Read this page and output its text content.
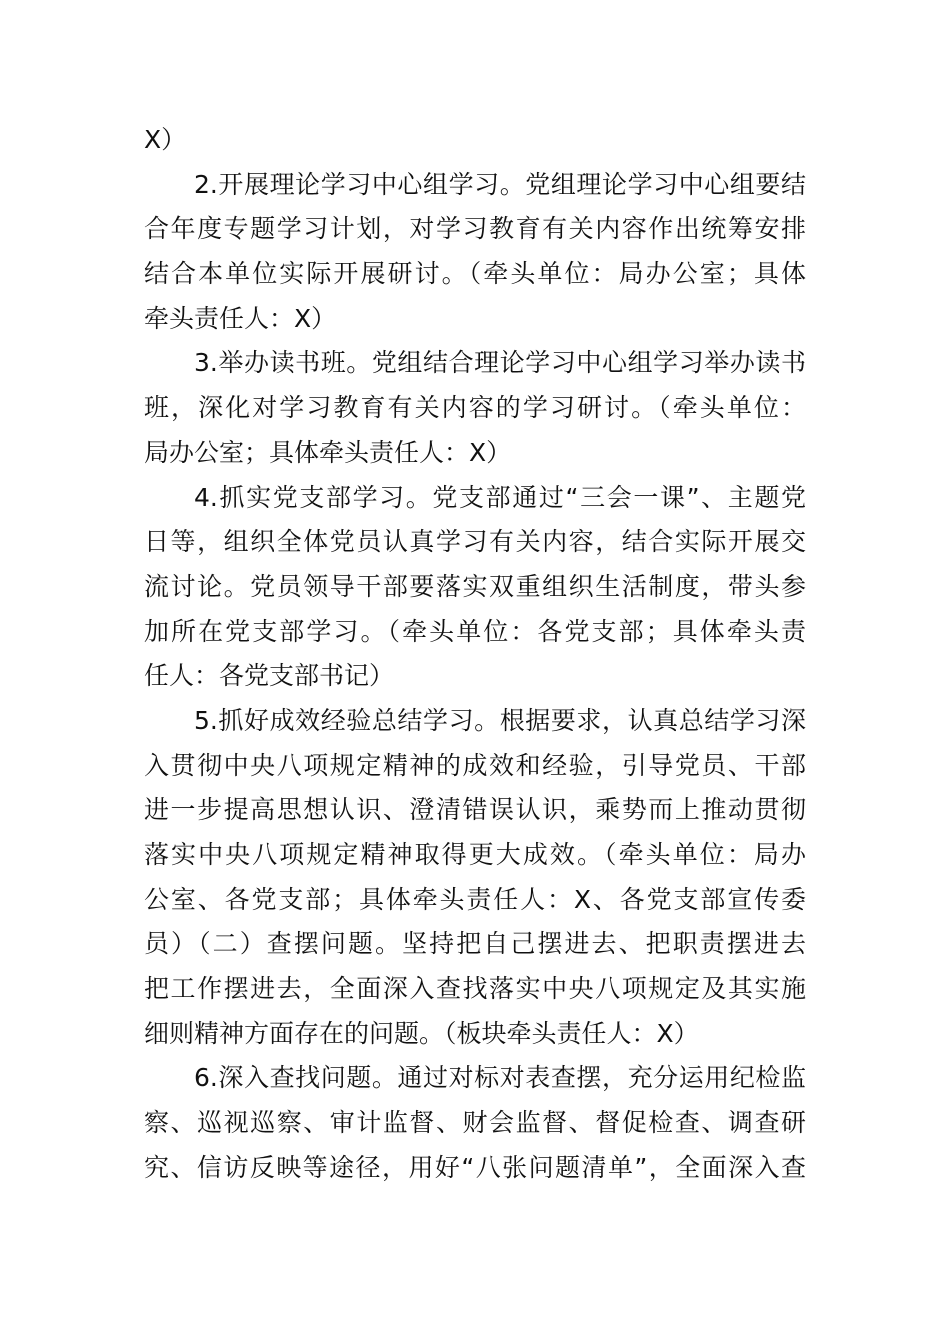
X）
2.开展理论学习中心组学习。党组理论学习中心组要结
合年度专题学习计划，对学习教育有关内容作出统筹安排
结合本单位实际开展研讨。（牵头单位：局办公室；具体
牵头责任人：X）
3.举办读书班。党组结合理论学习中心组学习举办读书
班，深化对学习教育有关内容的学习研讨。（牵头单位：
局办公室；具体牵头责任人：X）
4.抓实党支部学习。党支部通过“三会一课”、主题党
日等，组织全体党员认真学习有关内容，结合实际开展交
流讨论。党员领导干部要落实双重组织生活制度，带头参
加所在党支部学习。（牵头单位：各党支部；具体牵头责
任人：各党支部书记）
5.抓好成效经验总结学习。根据要求，认真总结学习深
入贯彻中央八项规定精神的成效和经验，引导党员、干部
进一步提高思想认识、澄清错误认识，乘势而上推动贯彻
落实中央八项规定精神取得更大成效。（牵头单位：局办
公室、各党支部；具体牵头责任人：X、各党支部宣传委
员）（二）查摆问题。坚持把自己摆进去、把职责摆进去
把工作摆进去，全面深入查找落实中央八项规定及其实施
细则精神方面存在的问题。（板块牵头责任人：X）
6.深入查找问题。通过对标对表查摆，充分运用纪检监
察、巡视巡察、审计监督、财会监督、督促检查、调查研
究、信访反映等途径，用好“八张问题清单”，全面深入查
